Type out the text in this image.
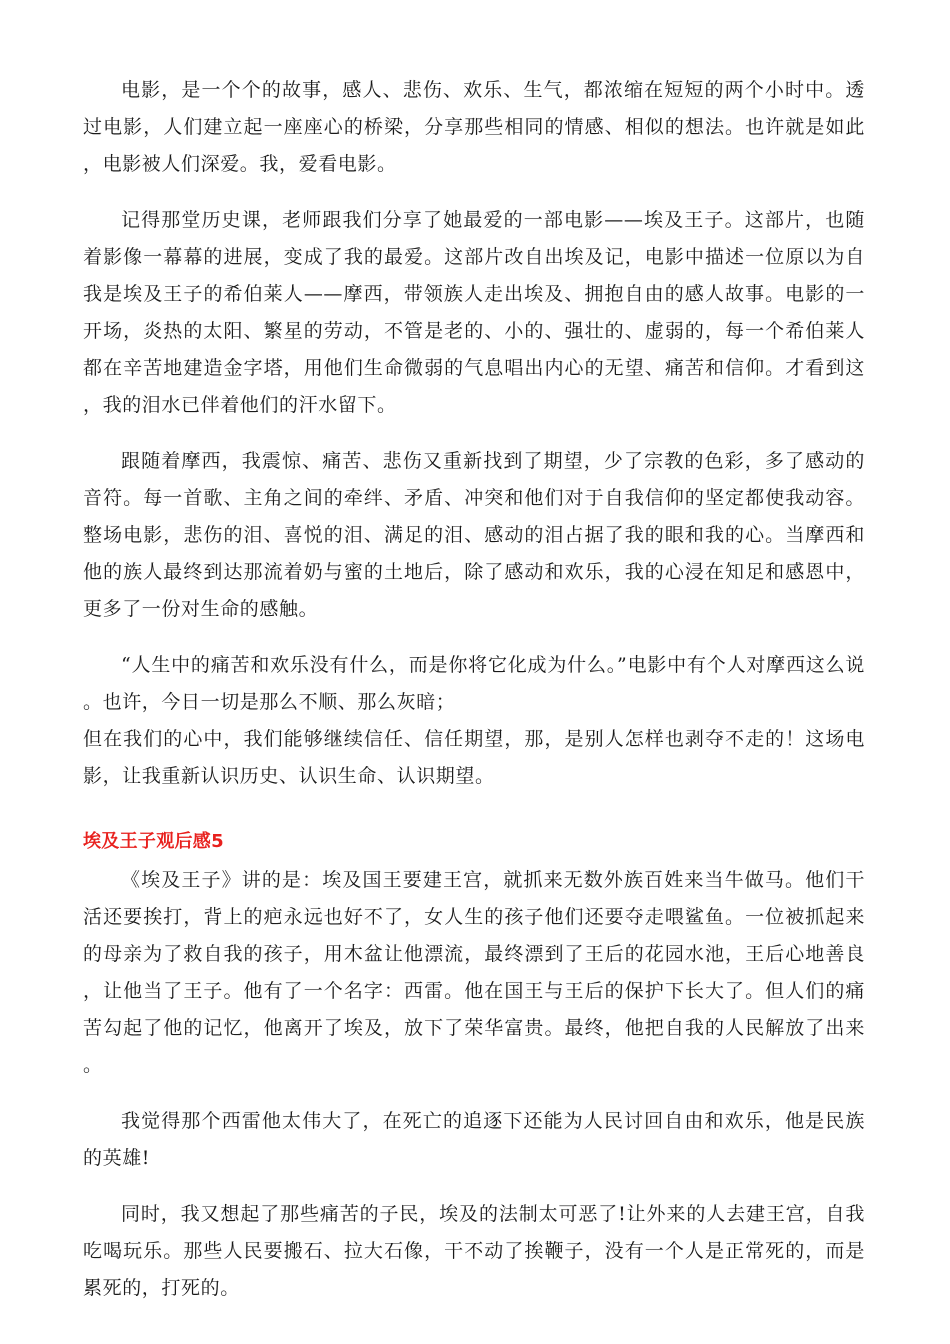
电影，是一个个的故事，感人、悲伤、欢乐、生气，都浓缩在短短的两个小时中。透过电影，人们建立起一座座心的桥梁，分享那些相同的情感、相似的想法。也许就是如此，电影被人们深爱。我，爱看电影。

记得那堂历史课，老师跟我们分享了她最爱的一部电影——埃及王子。这部片，也随着影像一幕幕的进展，变成了我的最爱。这部片改自出埃及记，电影中描述一位原以为自我是埃及王子的希伯莱人——摩西，带领族人走出埃及、拥抱自由的感人故事。电影的一开场，炎热的太阳、繁星的劳动，不管是老的、小的、强壮的、虚弱的，每一个希伯莱人都在辛苦地建造金字塔，用他们生命微弱的气息唱出内心的无望、痛苦和信仰。才看到这，我的泪水已伴着他们的汗水留下。

跟随着摩西，我震惊、痛苦、悲伤又重新找到了期望，少了宗教的色彩，多了感动的音符。每一首歌、主角之间的牵绊、矛盾、冲突和他们对于自我信仰的坚定都使我动容。整场电影，悲伤的泪、喜悦的泪、满足的泪、感动的泪占据了我的眼和我的心。当摩西和他的族人最终到达那流着奶与蜜的土地后，除了感动和欢乐，我的心浸在知足和感恩中，更多了一份对生命的感触。

“人生中的痛苦和欢乐没有什么，而是你将它化成为什么。”电影中有个人对摩西这么说。也许，今日一切是那么不顺、那么灰暗；

但在我们的心中，我们能够继续信任、信任期望，那，是别人怎样也剥夺不走的！这场电影，让我重新认识历史、认识生命、认识期望。

埃及王子观后感5

《埃及王子》讲的是：埃及国王要建王宫，就抓来无数外族百姓来当牛做马。他们干活还要挨打，背上的疤永远也好不了，女人生的孩子他们还要夺走喂鲨鱼。一位被抓起来的母亲为了救自我的孩子，用木盆让他漂流，最终漂到了王后的花园水池，王后心地善良，让他当了王子。他有了一个名字：西雷。他在国王与王后的保护下长大了。但人们的痛苦勾起了他的记忆，他离开了埃及，放下了荣华富贵。最终，他把自我的人民解放了出来。

我觉得那个西雷他太伟大了，在死亡的追逐下还能为人民讨回自由和欢乐，他是民族的英雄!

同时，我又想起了那些痛苦的子民，埃及的法制太可恶了!让外来的人去建王宫，自我吃喝玩乐。那些人民要搬石、拉大石像，干不动了挨鞭子，没有一个人是正常死的，而是累死的，打死的。
